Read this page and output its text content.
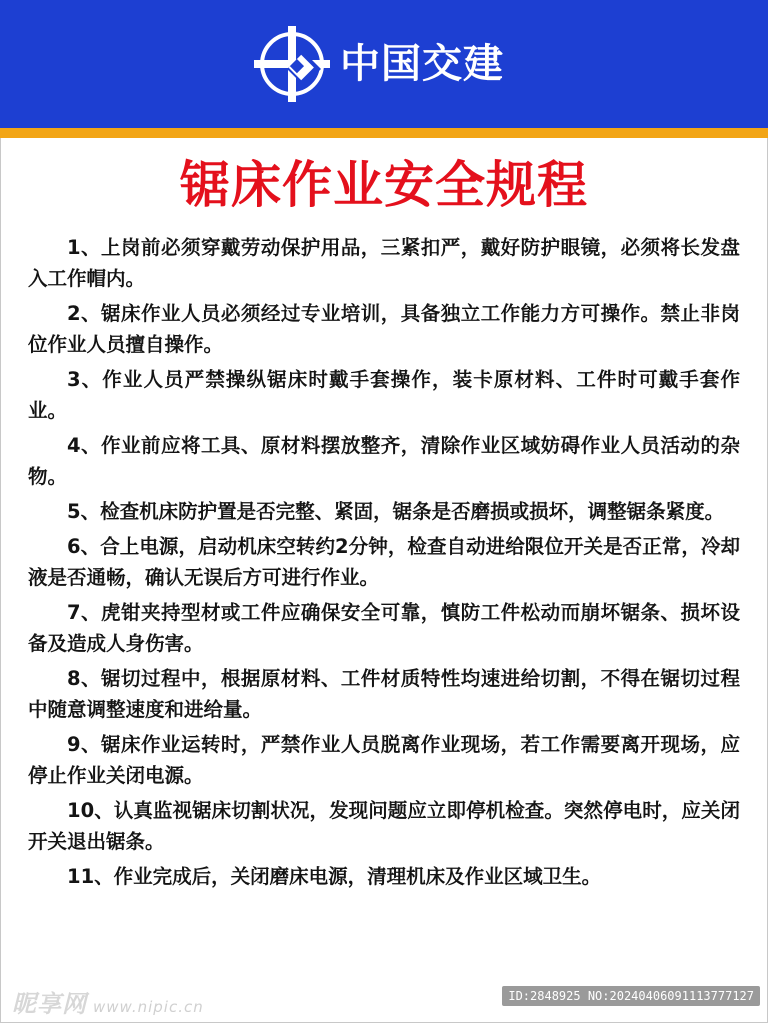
中国交建
锯床作业安全规程
1、上岗前必须穿戴劳动保护用品，三紧扣严，戴好防护眼镜，必须将长发盘入工作帽内。
2、锯床作业人员必须经过专业培训，具备独立工作能力方可操作。禁止非岗位作业人员擅自操作。
3、作业人员严禁操纵锯床时戴手套操作，装卡原材料、工件时可戴手套作业。
4、作业前应将工具、原材料摆放整齐，清除作业区域妨碍作业人员活动的杂物。
5、检查机床防护置是否完整、紧固，锯条是否磨损或损坏，调整锯条紧度。
6、合上电源，启动机床空转约2分钟，检查自动进给限位开关是否正常，冷却液是否通畅，确认无误后方可进行作业。
7、虎钳夹持型材或工件应确保安全可靠，慎防工件松动而崩坏锯条、损坏设备及造成人身伤害。
8、锯切过程中，根据原材料、工件材质特性均速进给切割，不得在锯切过程中随意调整速度和进给量。
9、锯床作业运转时，严禁作业人员脱离作业现场，若工作需要离开现场，应停止作业关闭电源。
10、认真监视锯床切割状况，发现问题应立即停机检查。突然停电时，应关闭开关退出锯条。
11、作业完成后，关闭磨床电源，清理机床及作业区域卫生。
昵享网 www.nipic.cn
ID:2848925 NO:20240406091113777127
